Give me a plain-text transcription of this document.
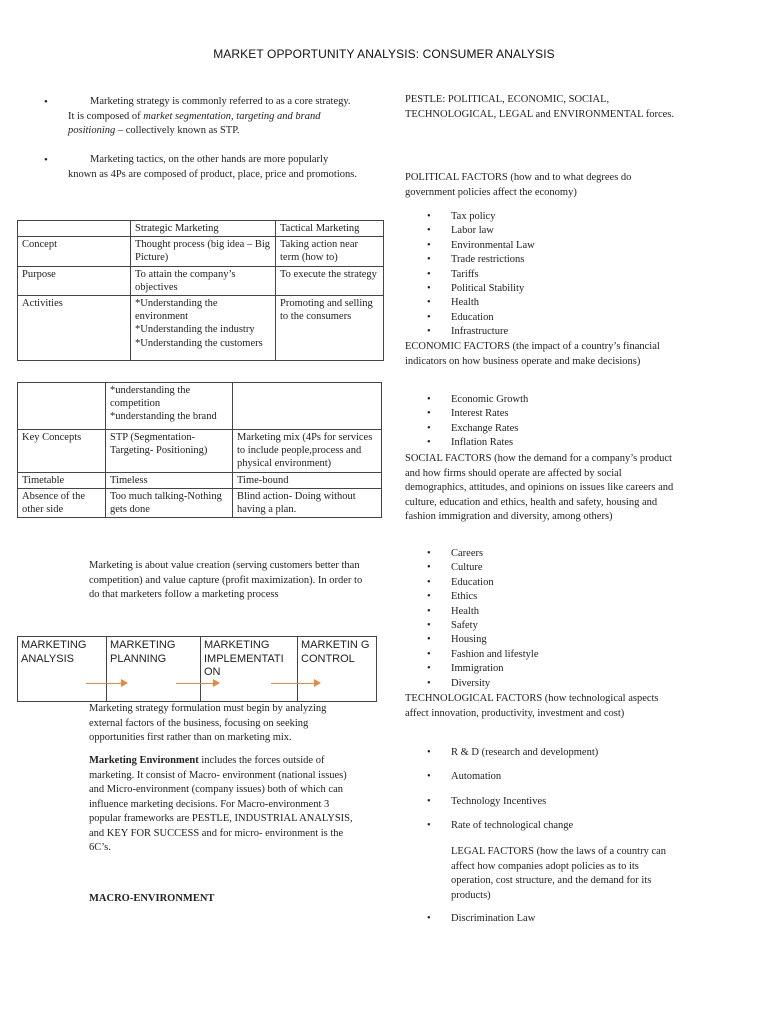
MARKET OPPORTUNITY ANALYSIS: CONSUMER ANALYSIS
•	Marketing strategy is commonly referred to as a core strategy. It is composed of market segmentation, targeting and brand positioning – collectively known as STP.

•	Marketing tactics, on the other hands are more popularly known as 4Ps are composed of product, place, price and promotions.

	Strategic Marketing	Tactical Marketing
Concept	Thought process (big idea – Big Picture)	Taking action near term (how to)
Purpose	To attain the company’s objectives	To execute the strategy
Activities	*Understanding the environment
*Understanding the industry
*Understanding the customers	Promoting and selling to the consumers
	*understanding the competition
*understanding the brand	
Key Concepts	STP (Segmentation-Targeting- Positioning)	Marketing mix (4Ps for services to include people,process and physical environment)
Timetable	Timeless	Time-bound
Absence of the other side	Too much talking-Nothing gets done	Blind action- Doing without having a plan.

Marketing is about value creation (serving customers better than competition) and value capture (profit maximization). In order to do that marketers follow a marketing process

MARKETING ANALYSIS
MARKETING PLANNING
MARKETING IMPLEMENTATI ON
MARKETIN G CONTROL

Marketing strategy formulation must begin by analyzing external factors of the business, focusing on seeking opportunities first rather than on marketing mix.

Marketing Environment includes the forces outside of marketing. It consist of Macro- environment (national issues) and Micro-environment (company issues) both of which can influence marketing decisions. For Macro-environment 3 popular frameworks are PESTLE, INDUSTRIAL ANALYSIS, and KEY FOR SUCCESS and for micro- environment is the 6C’s.

MACRO-ENVIRONMENT

PESTLE: POLITICAL, ECONOMIC, SOCIAL, TECHNOLOGICAL, LEGAL and ENVIRONMENTAL forces.

POLITICAL FACTORS (how and to what degrees do government policies affect the economy)

• Tax policy
• Labor law
• Environmental Law
• Trade restrictions
• Tariffs
• Political Stability
• Health
• Education
• Infrastructure

ECONOMIC FACTORS (the impact of a country’s financial indicators on how business operate and make decisions)

• Economic Growth
• Interest Rates
• Exchange Rates
• Inflation Rates

SOCIAL FACTORS (how the demand for a company’s product and how firms should operate are affected by social demographics, attitudes, and opinions on issues like careers and culture, education and ethics, health and safety, housing and fashion immigration and diversity, among others)

• Careers
• Culture
• Education
• Ethics
• Health
• Safety
• Housing
• Fashion and lifestyle
• Immigration
• Diversity

TECHNOLOGICAL FACTORS (how technological aspects affect innovation, productivity, investment and cost)

• R & D (research and development)
• Automation
• Technology Incentives
• Rate of technological change

LEGAL FACTORS (how the laws of a country can affect how companies adopt policies as to its operation, cost structure, and the demand for its products)

• Discrimination Law
